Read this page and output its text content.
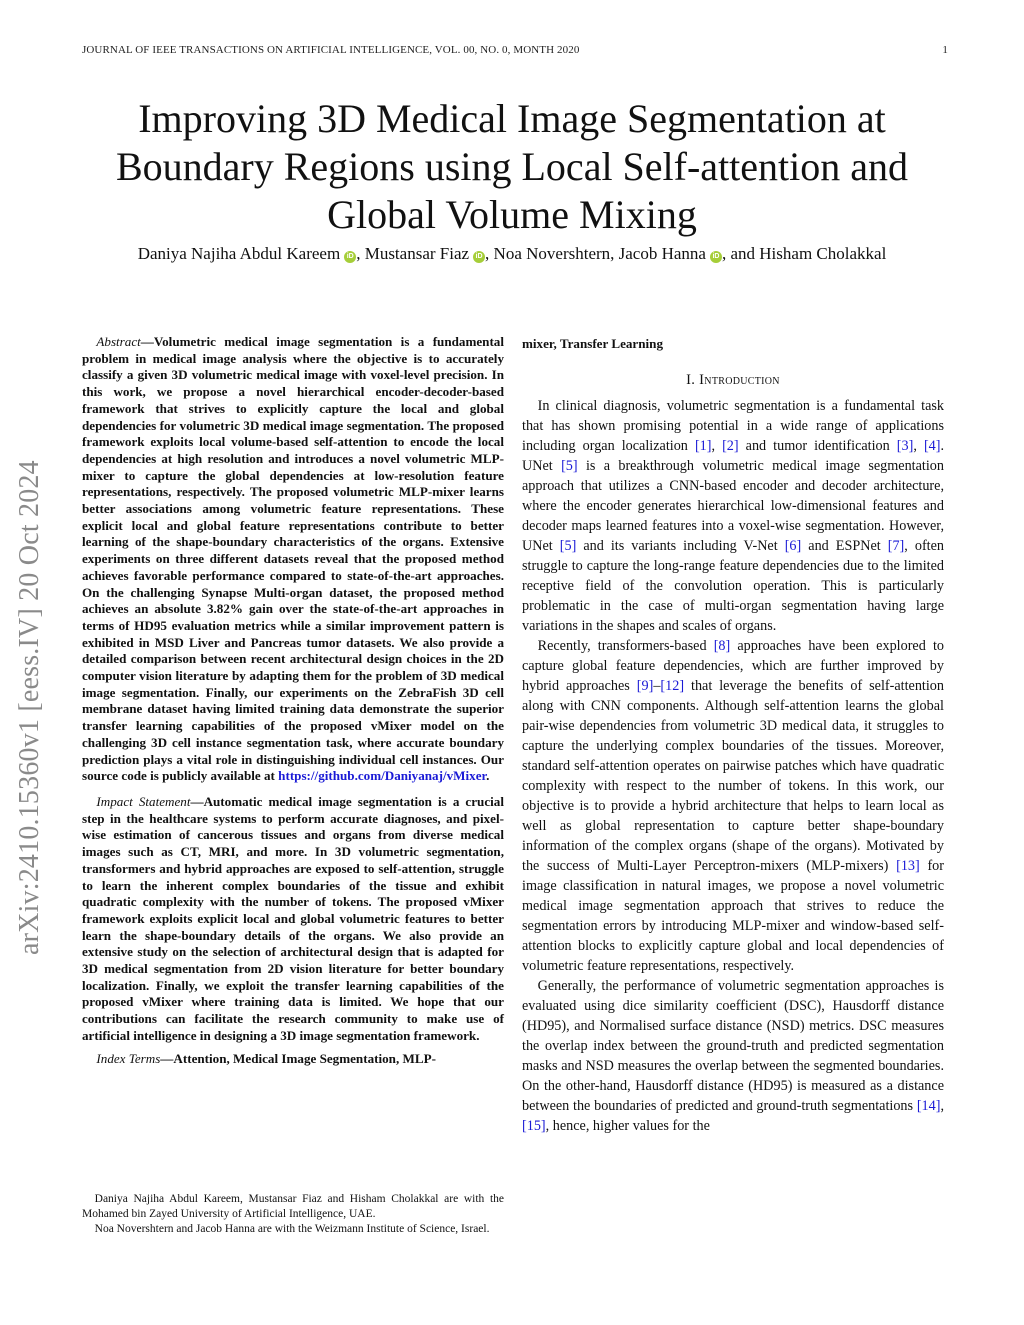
JOURNAL OF IEEE TRANSACTIONS ON ARTIFICIAL INTELLIGENCE, VOL. 00, NO. 0, MONTH 2020	1
arXiv:2410.15360v1 [eess.IV] 20 Oct 2024
Improving 3D Medical Image Segmentation at Boundary Regions using Local Self-attention and Global Volume Mixing
Daniya Najiha Abdul Kareem iD , Mustansar Fiaz iD , Noa Novershtern, Jacob Hanna iD , and Hisham Cholakkal

Abstract—Volumetric medical image segmentation is a fundamental problem in medical image analysis where the objective is to accurately classify a given 3D volumetric medical image with voxel-level precision. In this work, we propose a novel hierarchical encoder-decoder-based framework that strives to explicitly capture the local and global dependencies for volumetric 3D medical image segmentation. The proposed framework exploits local volume-based self-attention to encode the local dependencies at high resolution and introduces a novel volumetric MLP-mixer to capture the global dependencies at low-resolution feature representations, respectively. The proposed volumetric MLP-mixer learns better associations among volumetric feature representations. These explicit local and global feature representations contribute to better learning of the shape-boundary characteristics of the organs. Extensive experiments on three different datasets reveal that the proposed method achieves favorable performance compared to state-of-the-art approaches. On the challenging Synapse Multi-organ dataset, the proposed method achieves an absolute 3.82% gain over the state-of-the-art approaches in terms of HD95 evaluation metrics while a similar improvement pattern is exhibited in MSD Liver and Pancreas tumor datasets. We also provide a detailed comparison between recent architectural design choices in the 2D computer vision literature by adapting them for the problem of 3D medical image segmentation. Finally, our experiments on the ZebraFish 3D cell membrane dataset having limited training data demonstrate the superior transfer learning capabilities of the proposed vMixer model on the challenging 3D cell instance segmentation task, where accurate boundary prediction plays a vital role in distinguishing individual cell instances. Our source code is publicly available at https://github.com/Daniyanaj/vMixer.

Impact Statement—Automatic medical image segmentation is a crucial step in the healthcare systems to perform accurate diagnoses, and pixel-wise estimation of cancerous tissues and organs from diverse medical images such as CT, MRI, and more. In 3D volumetric segmentation, transformers and hybrid approaches are exposed to self-attention, struggle to learn the inherent complex boundaries of the tissue and exhibit quadratic complexity with the number of tokens. The proposed vMixer framework exploits explicit local and global volumetric features to better learn the shape-boundary details of the organs. We also provide an extensive study on the selection of architectural design that is adapted for 3D medical segmentation from 2D vision literature for better boundary localization. Finally, we exploit the transfer learning capabilities of the proposed vMixer where training data is limited. We hope that our contributions can facilitate the research community to make use of artificial intelligence in designing a 3D image segmentation framework.

Index Terms—Attention, Medical Image Segmentation, MLP-

Daniya Najiha Abdul Kareem, Mustansar Fiaz and Hisham Cholakkal are with the Mohamed bin Zayed University of Artificial Intelligence, UAE.

Noa Novershtern and Jacob Hanna are with the Weizmann Institute of Science, Israel.

mixer, Transfer Learning

I. Introduction

In clinical diagnosis, volumetric segmentation is a fundamental task that has shown promising potential in a wide range of applications including organ localization [1], [2] and tumor identification [3], [4]. UNet [5] is a breakthrough volumetric medical image segmentation approach that utilizes a CNN-based encoder and decoder architecture, where the encoder generates hierarchical low-dimensional features and decoder maps learned features into a voxel-wise segmentation. However, UNet [5] and its variants including V-Net [6] and ESPNet [7], often struggle to capture the long-range feature dependencies due to the limited receptive field of the convolution operation. This is particularly problematic in the case of multi-organ segmentation having large variations in the shapes and scales of organs.

Recently, transformers-based [8] approaches have been explored to capture global feature dependencies, which are further improved by hybrid approaches [9]–[12] that leverage the benefits of self-attention along with CNN components. Although self-attention learns the global pair-wise dependencies from volumetric 3D medical data, it struggles to capture the underlying complex boundaries of the tissues. Moreover, standard self-attention operates on pairwise patches which have quadratic complexity with respect to the number of tokens. In this work, our objective is to provide a hybrid architecture that helps to learn local as well as global representation to capture better shape-boundary information of the complex organs (shape of the organs). Motivated by the success of Multi-Layer Perceptron-mixers (MLP-mixers) [13] for image classification in natural images, we propose a novel volumetric medical image segmentation approach that strives to reduce the segmentation errors by introducing MLP-mixer and window-based self-attention blocks to explicitly capture global and local dependencies of volumetric feature representations, respectively.

Generally, the performance of volumetric segmentation approaches is evaluated using dice similarity coefficient (DSC), Hausdorff distance (HD95), and Normalised surface distance (NSD) metrics. DSC measures the overlap index between the ground-truth and predicted segmentation masks and NSD measures the overlap between the segmented boundaries. On the other-hand, Hausdorff distance (HD95) is measured as a distance between the boundaries of predicted and ground-truth segmentations [14], [15], hence, higher values for the
